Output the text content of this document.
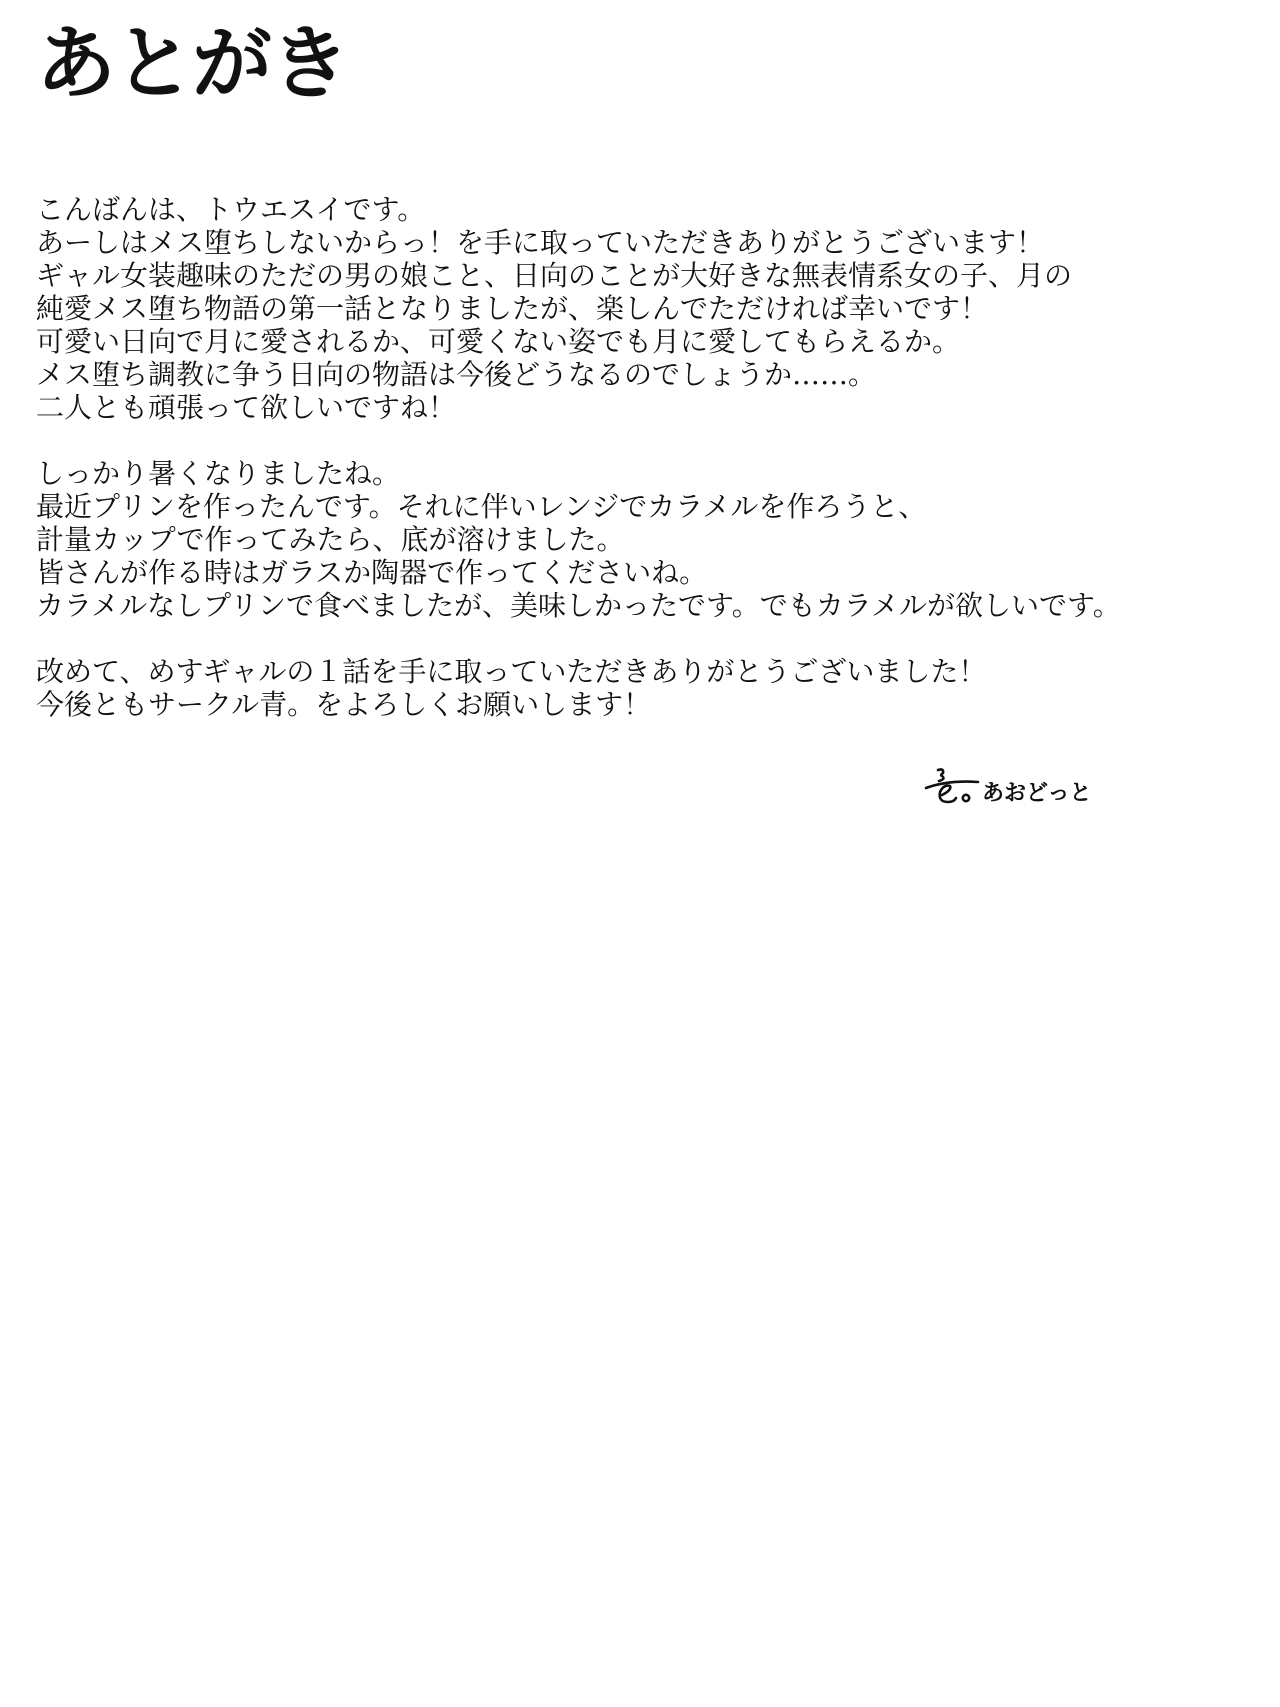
あとがき

こんばんは、トウエスイです。
あーしはメス堕ちしないからっ！を手に取っていただきありがとうございます！
ギャル女装趣味のただの男の娘こと、日向のことが大好きな無表情系女の子、月の
純愛メス堕ち物語の第一話となりましたが、楽しんでただければ幸いです！
可愛い日向で月に愛されるか、可愛くない姿でも月に愛してもらえるか。
メス堕ち調教に争う日向の物語は今後どうなるのでしょうか……。
二人とも頑張って欲しいですね！

しっかり暑くなりましたね。
最近プリンを作ったんです。それに伴いレンジでカラメルを作ろうと、
計量カップで作ってみたら、底が溶けました。
皆さんが作る時はガラスか陶器で作ってくださいね。
カラメルなしプリンで食べましたが、美味しかったです。でもカラメルが欲しいです。

改めて、めすギャルの１話を手に取っていただきありがとうございました！
今後ともサークル青。をよろしくお願いします！

あおどっと
